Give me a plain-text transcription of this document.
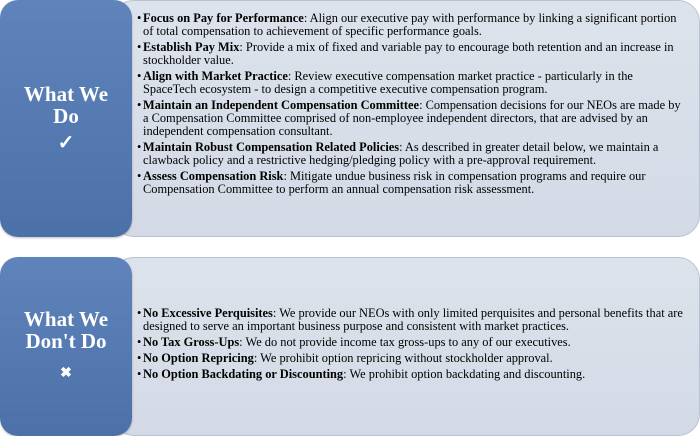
What We
Do
✓
• Focus on Pay for Performance: Align our executive pay with performance by linking a significant portion of total compensation to achievement of specific performance goals.
• Establish Pay Mix: Provide a mix of fixed and variable pay to encourage both retention and an increase in stockholder value.
• Align with Market Practice: Review executive compensation market practice - particularly in the SpaceTech ecosystem - to design a competitive executive compensation program.
• Maintain an Independent Compensation Committee: Compensation decisions for our NEOs are made by a Compensation Committee comprised of non-employee independent directors, that are advised by an independent compensation consultant.
• Maintain Robust Compensation Related Policies: As described in greater detail below, we maintain a clawback policy and a restrictive hedging/pledging policy with a pre-approval requirement.
• Assess Compensation Risk: Mitigate undue business risk in compensation programs and require our Compensation Committee to perform an annual compensation risk assessment.
What We
Don't Do
✖
• No Excessive Perquisites: We provide our NEOs with only limited perquisites and personal benefits that are designed to serve an important business purpose and consistent with market practices.
• No Tax Gross-Ups: We do not provide income tax gross-ups to any of our executives.
• No Option Repricing: We prohibit option repricing without stockholder approval.
• No Option Backdating or Discounting: We prohibit option backdating and discounting.
